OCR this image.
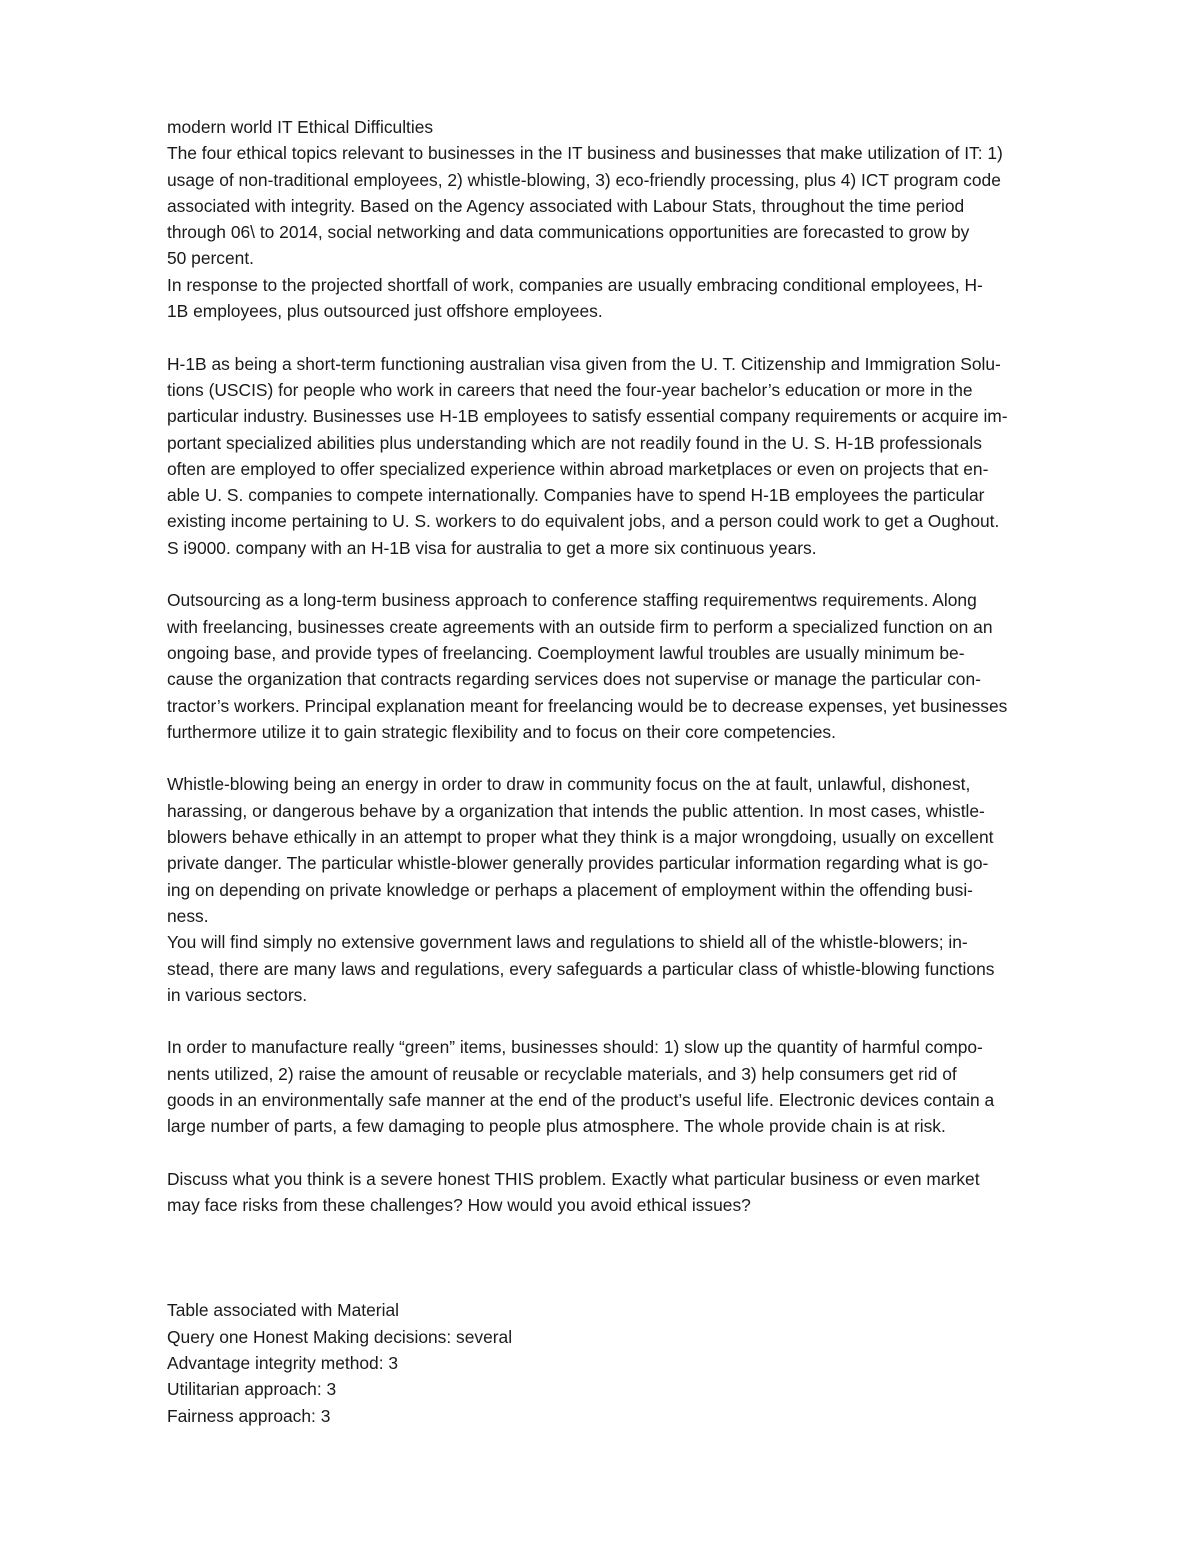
modern world IT Ethical Difficulties
The four ethical topics relevant to businesses in the IT business and businesses that make utilization of IT: 1)
usage of non-traditional employees, 2) whistle-blowing, 3) eco-friendly processing, plus 4) ICT program code
associated with integrity. Based on the Agency associated with Labour Stats, throughout the time period
through 06\ to 2014, social networking and data communications opportunities are forecasted to grow by
50 percent.
In response to the projected shortfall of work, companies are usually embracing conditional employees, H-
1B employees, plus outsourced just offshore employees.
H-1B as being a short-term functioning australian visa given from the U. T. Citizenship and Immigration Solu-
tions (USCIS) for people who work in careers that need the four-year bachelor’s education or more in the
particular industry. Businesses use H-1B employees to satisfy essential company requirements or acquire im-
portant specialized abilities plus understanding which are not readily found in the U. S. H-1B professionals
often are employed to offer specialized experience within abroad marketplaces or even on projects that en-
able U. S. companies to compete internationally. Companies have to spend H-1B employees the particular
existing income pertaining to U. S. workers to do equivalent jobs, and a person could work to get a Oughout.
S i9000. company with an H-1B visa for australia to get a more six continuous years.
Outsourcing as a long-term business approach to conference staffing requirementws requirements. Along
with freelancing, businesses create agreements with an outside firm to perform a specialized function on an
ongoing base, and provide types of freelancing. Coemployment lawful troubles are usually minimum be-
cause the organization that contracts regarding services does not supervise or manage the particular con-
tractor’s workers. Principal explanation meant for freelancing would be to decrease expenses, yet businesses
furthermore utilize it to gain strategic flexibility and to focus on their core competencies.
Whistle-blowing being an energy in order to draw in community focus on the at fault, unlawful, dishonest,
harassing, or dangerous behave by a organization that intends the public attention. In most cases, whistle-
blowers behave ethically in an attempt to proper what they think is a major wrongdoing, usually on excellent
private danger. The particular whistle-blower generally provides particular information regarding what is go-
ing on depending on private knowledge or perhaps a placement of employment within the offending busi-
ness.
You will find simply no extensive government laws and regulations to shield all of the whistle-blowers; in-
stead, there are many laws and regulations, every safeguards a particular class of whistle-blowing functions
in various sectors.
In order to manufacture really “green” items, businesses should: 1) slow up the quantity of harmful compo-
nents utilized, 2) raise the amount of reusable or recyclable materials, and 3) help consumers get rid of
goods in an environmentally safe manner at the end of the product’s useful life. Electronic devices contain a
large number of parts, a few damaging to people plus atmosphere. The whole provide chain is at risk.
Discuss what you think is a severe honest THIS problem. Exactly what particular business or even market
may face risks from these challenges? How would you avoid ethical issues?
Table associated with Material
Query one Honest Making decisions: several
Advantage integrity method: 3
Utilitarian approach: 3
Fairness approach: 3
